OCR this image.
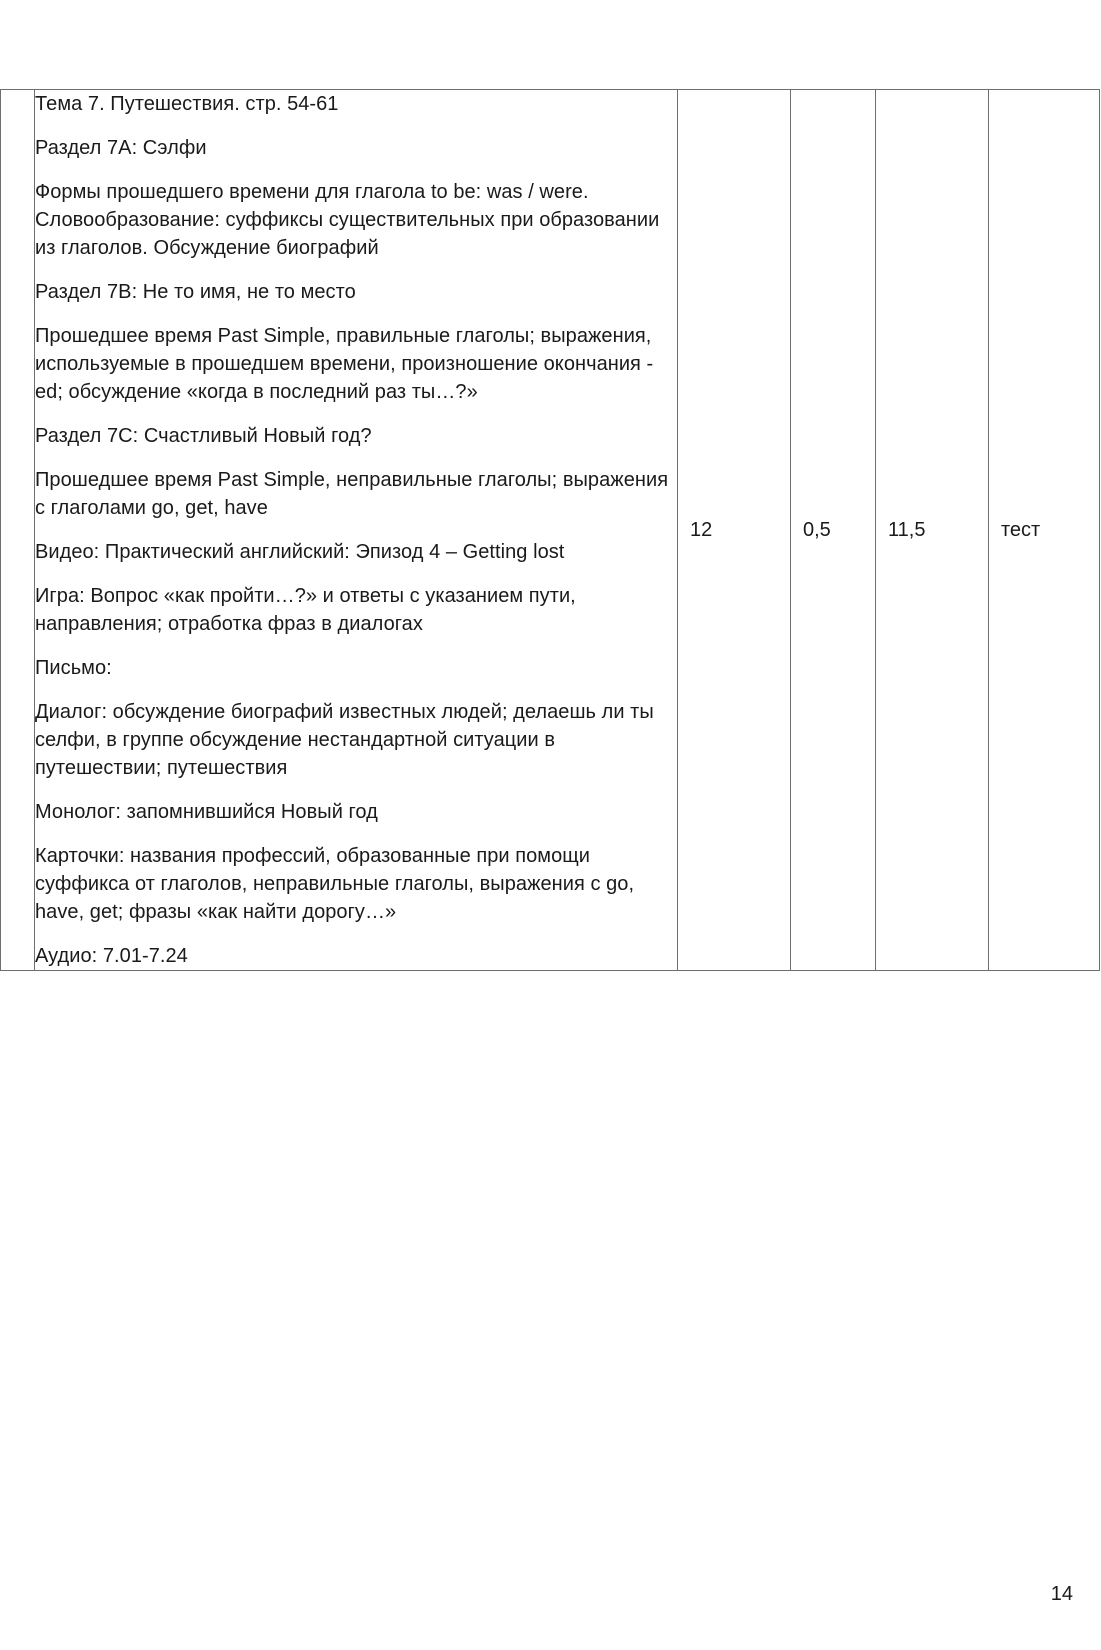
Тема 7. Путешествия. стр. 54-61

Раздел 7A: Сэлфи

Формы прошедшего времени для глагола to be: was / were. Словообразование: суффиксы существительных при образовании из глаголов. Обсуждение биографий

Раздел 7B: Не то имя, не то место

Прошедшее время Past Simple, правильные глаголы; выражения, используемые в прошедшем времени, произношение окончания -ed; обсуждение «когда в последний раз ты…?»

Раздел 7С: Счастливый Новый год?

Прошедшее время Past Simple, неправильные глаголы; выражения с глаголами go, get, have

Видео: Практический английский: Эпизод 4 – Getting lost

Игра: Вопрос «как пройти…?» и ответы с указанием пути, направления; отработка фраз в диалогах

Письмо:

Диалог: обсуждение биографий известных людей; делаешь ли ты селфи, в группе обсуждение нестандартной ситуации в путешествии; путешествия

Монолог: запомнившийся Новый год

Карточки: названия профессий, образованные при помощи суффикса от глаголов, неправильные глаголы, выражения с go, have, get; фразы «как найти дорогу…»

Аудио: 7.01-7.24

12	0,5	11,5	тест
14
